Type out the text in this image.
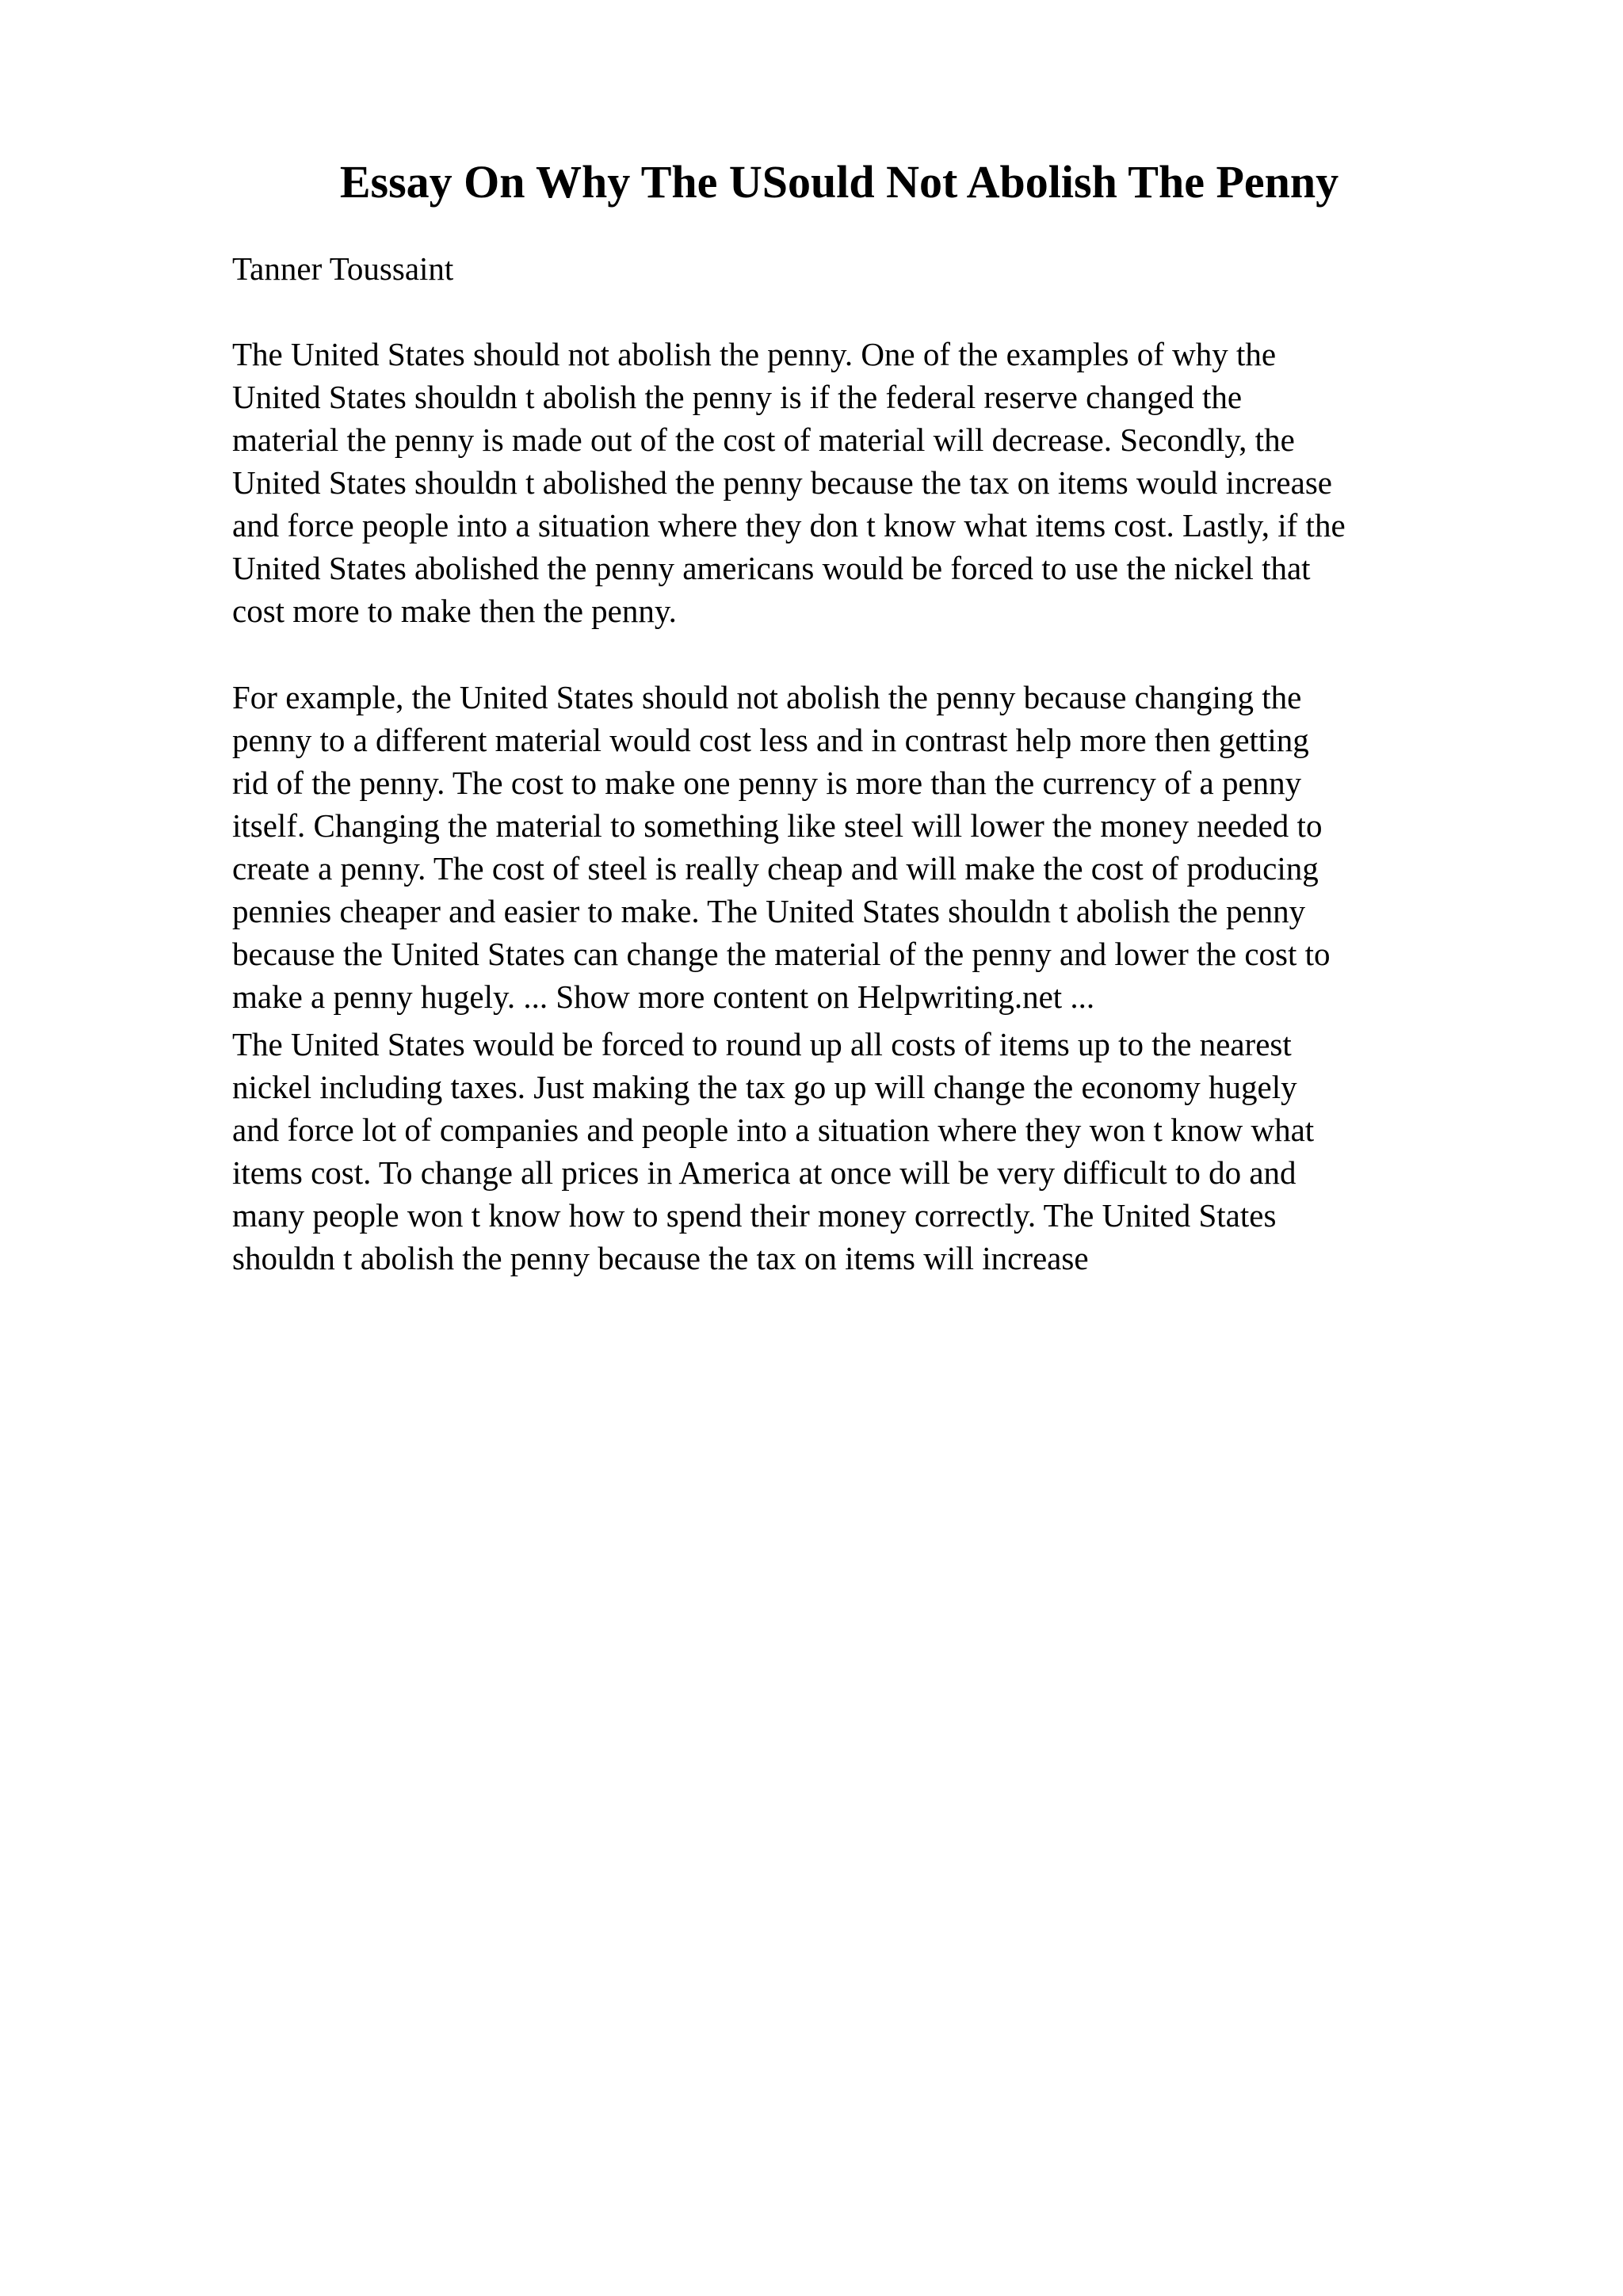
Essay On Why The USould Not Abolish The Penny

Tanner Toussaint

The United States should not abolish the penny. One of the examples of why the
United States shouldn t abolish the penny is if the federal reserve changed the
material the penny is made out of the cost of material will decrease. Secondly, the
United States shouldn t abolished the penny because the tax on items would increase
and force people into a situation where they don t know what items cost. Lastly, if the
United States abolished the penny americans would be forced to use the nickel that
cost more to make then the penny.

For example, the United States should not abolish the penny because changing the
penny to a different material would cost less and in contrast help more then getting
rid of the penny. The cost to make one penny is more than the currency of a penny
itself. Changing the material to something like steel will lower the money needed to
create a penny. The cost of steel is really cheap and will make the cost of producing
pennies cheaper and easier to make. The United States shouldn t abolish the penny
because the United States can change the material of the penny and lower the cost to
make a penny hugely. ... Show more content on Helpwriting.net ...

The United States would be forced to round up all costs of items up to the nearest
nickel including taxes. Just making the tax go up will change the economy hugely
and force lot of companies and people into a situation where they won t know what
items cost. To change all prices in America at once will be very difficult to do and
many people won t know how to spend their money correctly. The United States
shouldn t abolish the penny because the tax on items will increase
